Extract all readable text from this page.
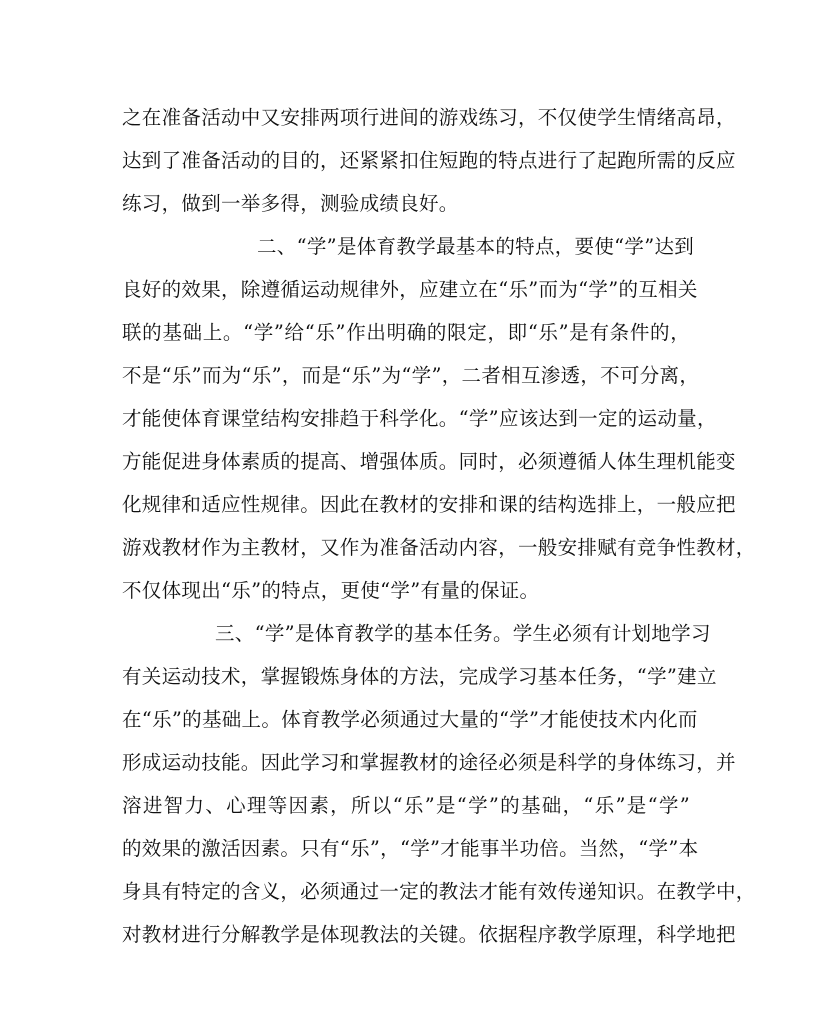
之在准备活动中又安排两项行进间的游戏练习，不仅使学生情绪高昂，
达到了准备活动的目的，还紧紧扣住短跑的特点进行了起跑所需的反应
练习，做到一举多得，测验成绩良好。
二、“学”是体育教学最基本的特点，要使“学”达到
良好的效果，除遵循运动规律外，应建立在“乐”而为“学”的互相关
联的基础上。“学”给“乐”作出明确的限定，即“乐”是有条件的，
不是“乐”而为“乐”，而是“乐”为“学”，二者相互渗透，不可分离，
才能使体育课堂结构安排趋于科学化。“学”应该达到一定的运动量，
方能促进身体素质的提高、增强体质。同时，必须遵循人体生理机能变
化规律和适应性规律。因此在教材的安排和课的结构选排上，一般应把
游戏教材作为主教材，又作为准备活动内容，一般安排赋有竞争性教材，
不仅体现出“乐”的特点，更使“学”有量的保证。
三、“学”是体育教学的基本任务。学生必须有计划地学习
有关运动技术，掌握锻炼身体的方法，完成学习基本任务，“学”建立
在“乐”的基础上。体育教学必须通过大量的“学”才能使技术内化而
形成运动技能。因此学习和掌握教材的途径必须是科学的身体练习，并
溶进智力、心理等因素，所以“乐”是“学”的基础，“乐”是“学”
的效果的激活因素。只有“乐”，“学”才能事半功倍。当然，“学”本
身具有特定的含义，必须通过一定的教法才能有效传递知识。在教学中，
对教材进行分解教学是体现教法的关键。依据程序教学原理，科学地把
